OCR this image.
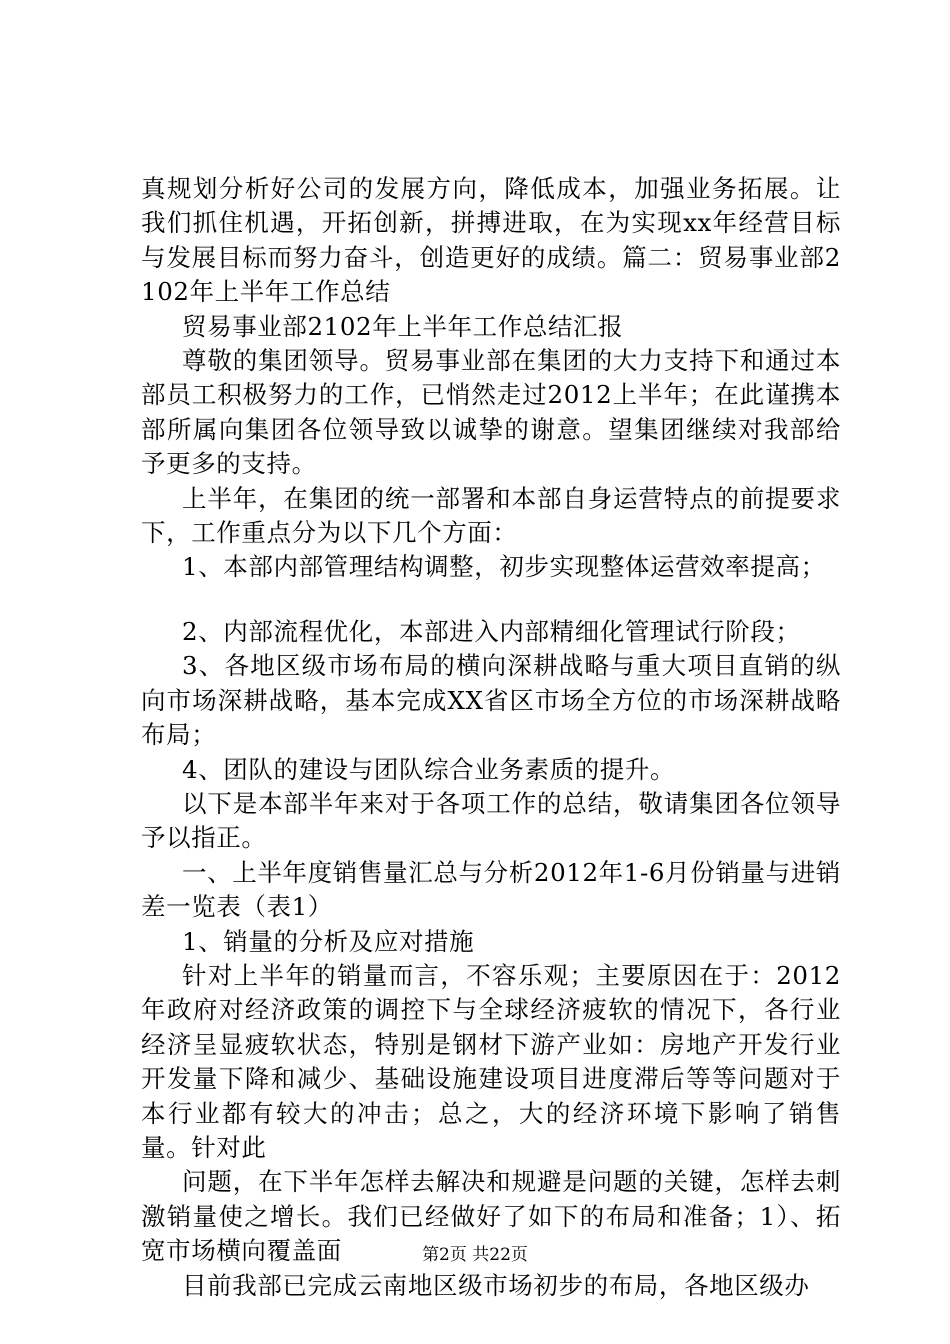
真规划分析好公司的发展方向，降低成本，加强业务拓展。让我们抓住机遇，开拓创新，拼搏进取，在为实现xx年经营目标与发展目标而努力奋斗，创造更好的成绩。篇二：贸易事业部2102年上半年工作总结

贸易事业部2102年上半年工作总结汇报

尊敬的集团领导。贸易事业部在集团的大力支持下和通过本部员工积极努力的工作，已悄然走过2012上半年；在此谨携本部所属向集团各位领导致以诚挚的谢意。望集团继续对我部给予更多的支持。

上半年，在集团的统一部署和本部自身运营特点的前提要求下，工作重点分为以下几个方面：

1、本部内部管理结构调整，初步实现整体运营效率提高；

2、内部流程优化，本部进入内部精细化管理试行阶段；

3、各地区级市场布局的横向深耕战略与重大项目直销的纵向市场深耕战略，基本完成XX省区市场全方位的市场深耕战略布局；

4、团队的建设与团队综合业务素质的提升。

以下是本部半年来对于各项工作的总结，敬请集团各位领导予以指正。

一、上半年度销售量汇总与分析2012年1-6月份销量与进销差一览表（表1）

1、销量的分析及应对措施

针对上半年的销量而言，不容乐观；主要原因在于：2012年政府对经济政策的调控下与全球经济疲软的情况下，各行业经济呈显疲软状态，特别是钢材下游产业如：房地产开发行业开发量下降和减少、基础设施建设项目进度滞后等等问题对于本行业都有较大的冲击；总之，大的经济环境下影响了销售量。针对此

问题，在下半年怎样去解决和规避是问题的关键，怎样去刺激销量使之增长。我们已经做好了如下的布局和准备；1）、拓宽市场横向覆盖面

目前我部已完成云南地区级市场初步的布局，各地区级办

第2页 共22页
